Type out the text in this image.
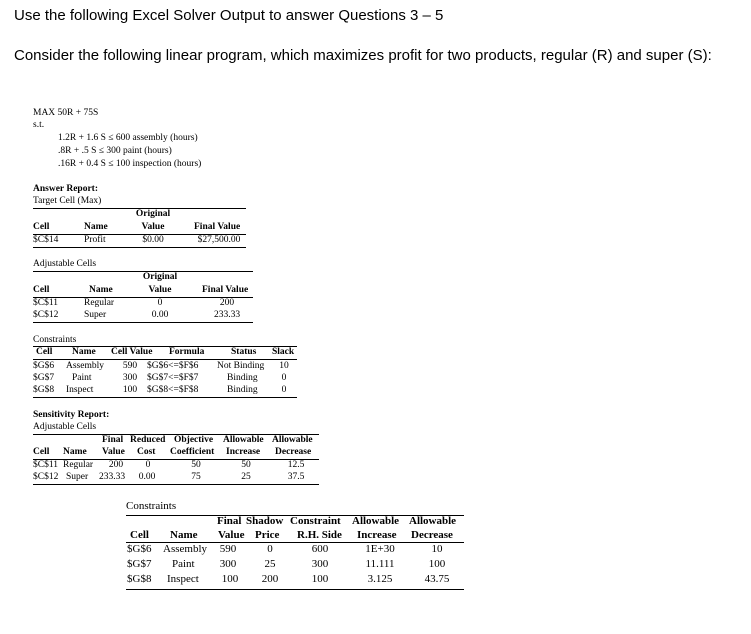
Use the following Excel Solver Output to answer Questions 3 – 5
Consider the following linear program, which maximizes profit for two products, regular (R) and super (S):
MAX 50R + 75S
s.t.
1.2R + 1.6 S ≤ 600 assembly (hours)
.8R + .5 S ≤ 300 paint (hours)
.16R + 0.4 S ≤ 100 inspection (hours)
Answer Report:
Target Cell (Max)
Original
Cell	Name	Value	Final Value
$C$14	Profit	$0.00	$27,500.00
Adjustable Cells
Original
Cell	Name	Value	Final Value
$C$11	Regular	0	200
$C$12	Super	0.00	233.33
Constraints
Cell Name Cell Value Formula	Status Slack
$G$6 Assembly	590	$G$6<=$F$6 Not Binding	10
$G$7 Paint	300	$G$7<=$F$7	Binding	0
$G$8 Inspect	100	$G$8<=$F$8	Binding	0
Sensitivity Report:
Adjustable Cells
Final Reduced Objective Allowable Allowable
Cell Name Value Cost Coefficient Increase Decrease
$C$11 Regular	200	0	50	50	12.5
$C$12 Super 233.33	0.00	75	25	37.5
Constraints
Final Shadow Constraint Allowable Allowable
Cell Name Value Price R.H. Side Increase Decrease
$G$6 Assembly	590	0	600	1E+30	10
$G$7 Paint	300	25	300	11.111	100
$G$8 Inspect	100	200	100	3.125	43.75
